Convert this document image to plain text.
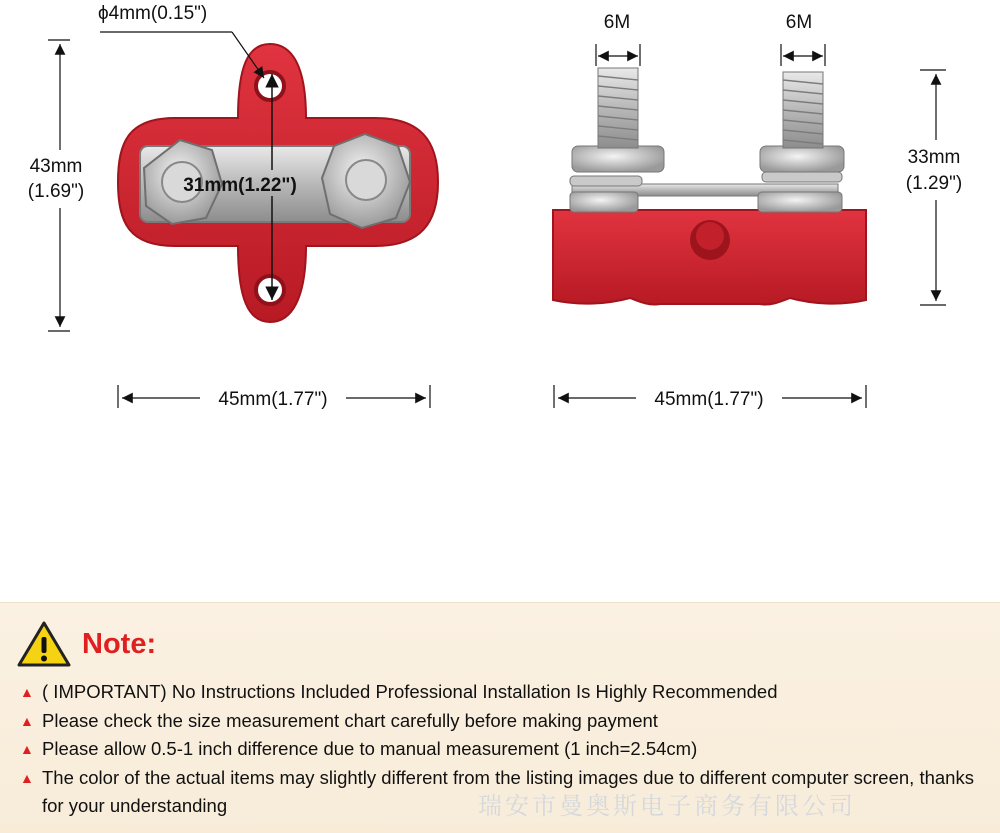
ϕ4mm(0.15")
43mm
(1.69")	31mm(1.22")
45mm(1.77")
6M	6M
33mm
(1.29")
45mm(1.77")
Note:
▲ ( IMPORTANT) No Instructions Included Professional Installation Is Highly Recommended
▲ Please check the size measurement chart carefully before making payment
▲ Please allow 0.5-1 inch difference due to manual measurement (1 inch=2.54cm)
▲ The color of the actual items may slightly different from the listing images due to different computer screen, thanks for your understanding	瑞安市曼奥斯电子商务有限公司
